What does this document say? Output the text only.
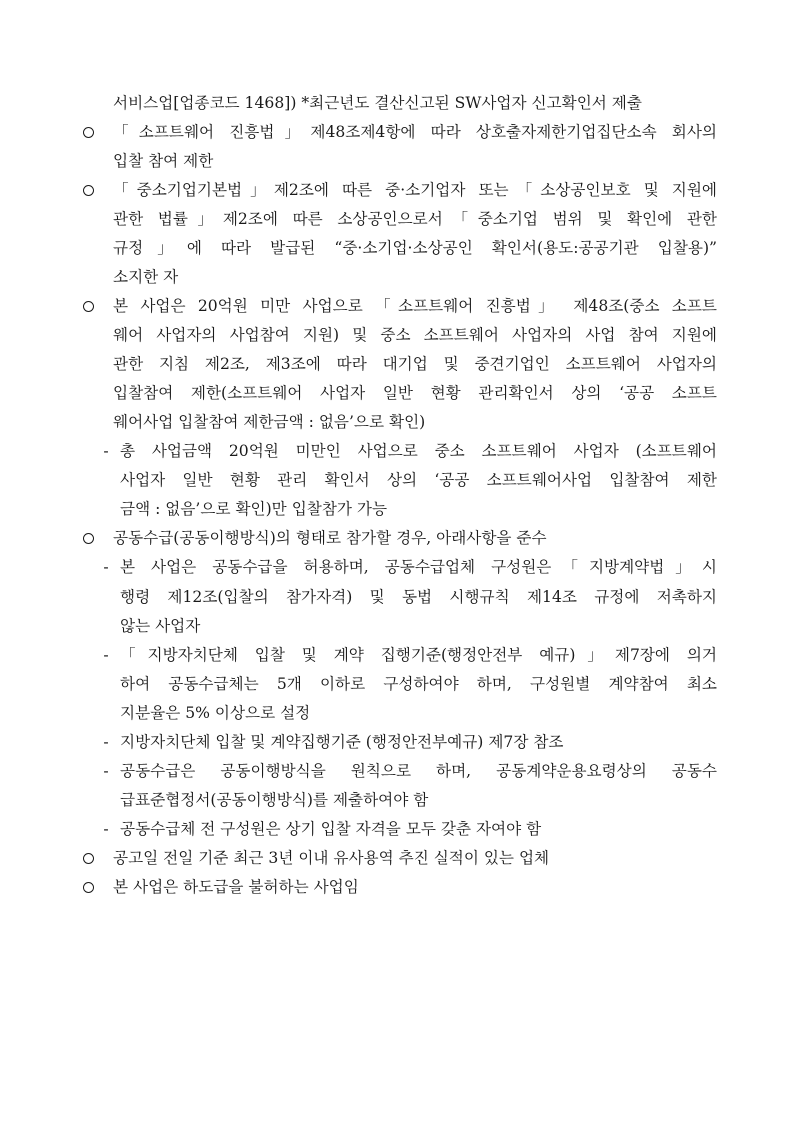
서비스업[업종코드 1468]) *최근년도 결산신고된 SW사업자 신고확인서 제출
「소프트웨어 진흥법」제48조제4항에 따라 상호출자제한기업집단소속 회사의
입찰 참여 제한
「중소기업기본법」제2조에 따른 중·소기업자 또는「소상공인보호 및 지원에
관한 법률」제2조에 따른 소상공인으로서「중소기업 범위 및 확인에 관한
규정」에 따라 발급된 “중·소기업·소상공인 확인서(용도:공공기관 입찰용)”
소지한 자
본 사업은 20억원 미만 사업으로 「소프트웨어 진흥법」 제48조(중소 소프트
웨어 사업자의 사업참여 지원) 및 중소 소프트웨어 사업자의 사업 참여 지원에
관한 지침 제2조, 제3조에 따라 대기업 및 중견기업인 소프트웨어 사업자의
입찰참여 제한(소프트웨어 사업자 일반 현황 관리확인서 상의 ‘공공 소프트
웨어사업 입찰참여 제한금액 : 없음’으로 확인)
- 총 사업금액 20억원 미만인 사업으로 중소 소프트웨어 사업자 (소프트웨어
사업자 일반 현황 관리 확인서 상의 ‘공공 소프트웨어사업 입찰참여 제한
금액 : 없음’으로 확인)만 입찰참가 가능
공동수급(공동이행방식)의 형태로 참가할 경우, 아래사항을 준수
- 본 사업은 공동수급을 허용하며, 공동수급업체 구성원은「지방계약법」시
행령 제12조(입찰의 참가자격) 및 동법 시행규칙 제14조 규정에 저촉하지
않는 사업자
- 「지방자치단체 입찰 및 계약 집행기준(행정안전부 예규)」제7장에 의거
하여 공동수급체는 5개 이하로 구성하여야 하며, 구성원별 계약참여 최소
지분율은 5% 이상으로 설정
- 지방자치단체 입찰 및 계약집행기준 (행정안전부예규) 제7장 참조
- 공동수급은 공동이행방식을 원칙으로 하며, 공동계약운용요령상의 공동수
급표준협정서(공동이행방식)를 제출하여야 함
- 공동수급체 전 구성원은 상기 입찰 자격을 모두 갖춘 자여야 함
공고일 전일 기준 최근 3년 이내 유사용역 추진 실적이 있는 업체
본 사업은 하도급을 불허하는 사업임
